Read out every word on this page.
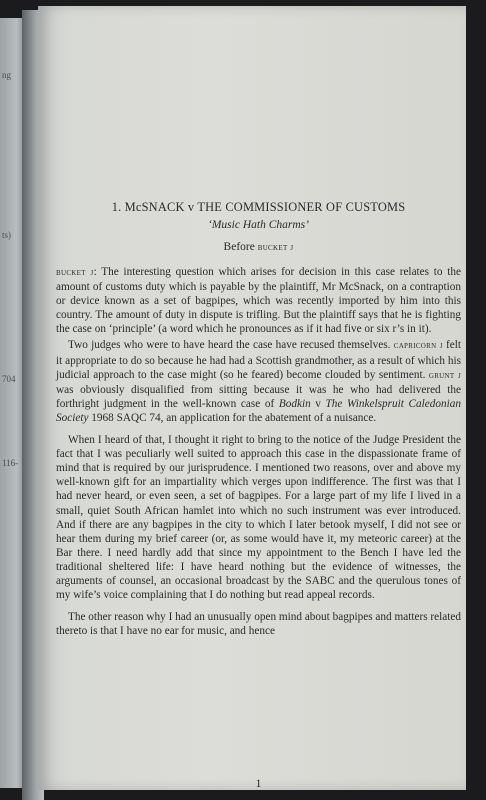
ng
ts)
704
116-

1. McSNACK v THE COMMISSIONER OF CUSTOMS

‘Music Hath Charms’

Before bucket j

bucket j: The interesting question which arises for decision in this case relates to the amount of customs duty which is payable by the plaintiff, Mr McSnack, on a contraption or device known as a set of bagpipes, which was recently imported by him into this country. The amount of duty in dispute is trifling. But the plaintiff says that he is fighting the case on ‘principle’ (a word which he pronounces as if it had five or six r’s in it).

Two judges who were to have heard the case have recused themselves. capricorn j felt it appropriate to do so because he had had a Scottish grandmother, as a result of which his judicial approach to the case might (so he feared) become clouded by sentiment. grunt j was obviously disqualified from sitting because it was he who had delivered the forthright judgment in the well-known case of Bodkin v The Winkelspruit Caledonian Society 1968 SAQC 74, an application for the abatement of a nuisance.

When I heard of that, I thought it right to bring to the notice of the Judge President the fact that I was peculiarly well suited to approach this case in the dispassionate frame of mind that is required by our jurisprudence. I mentioned two reasons, over and above my well-known gift for an impartiality which verges upon indifference. The first was that I had never heard, or even seen, a set of bagpipes. For a large part of my life I lived in a small, quiet South African hamlet into which no such instrument was ever introduced. And if there are any bagpipes in the city to which I later betook myself, I did not see or hear them during my brief career (or, as some would have it, my meteoric career) at the Bar there. I need hardly add that since my appointment to the Bench I have led the traditional sheltered life: I have heard nothing but the evidence of witnesses, the arguments of counsel, an occasional broadcast by the SABC and the querulous tones of my wife’s voice complaining that I do nothing but read appeal records.

The other reason why I had an unusually open mind about bagpipes and matters related thereto is that I have no ear for music, and hence

1
